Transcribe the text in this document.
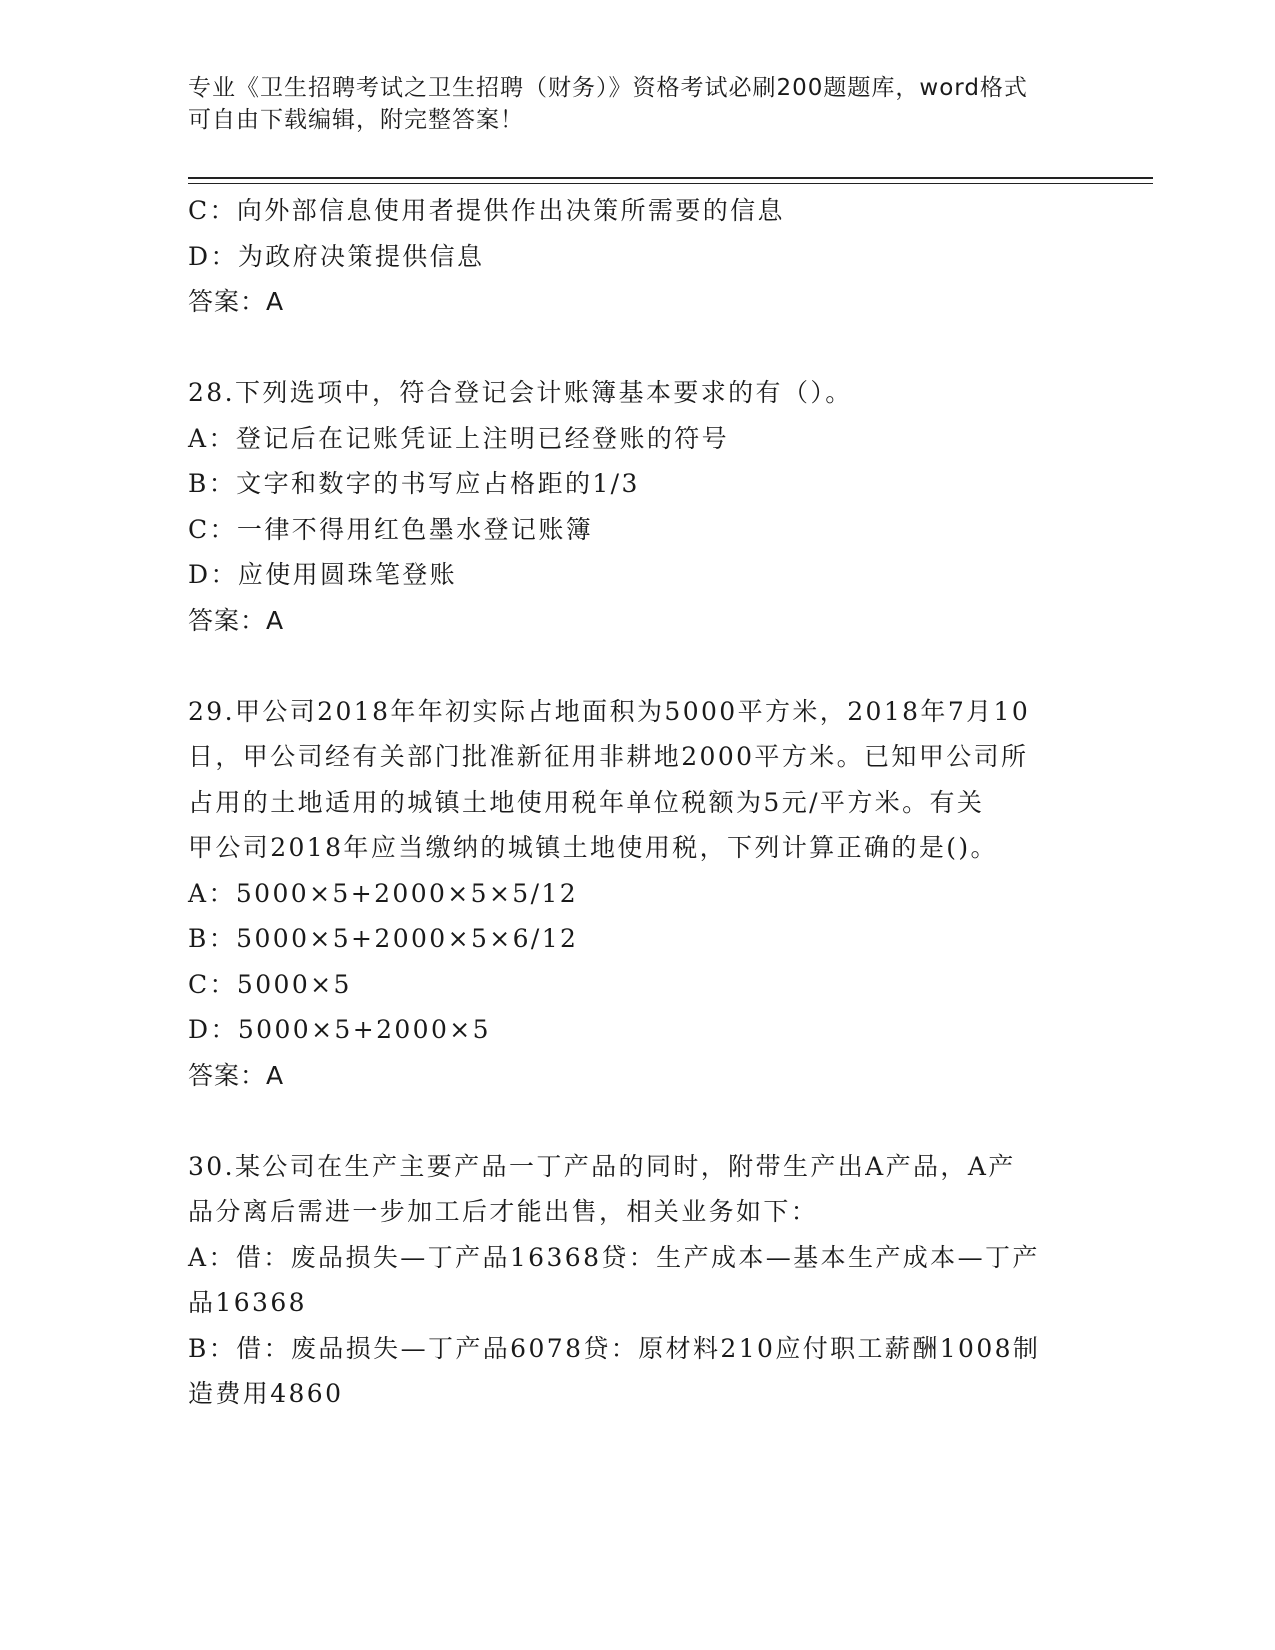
专业《卫生招聘考试之卫生招聘（财务）》资格考试必刷200题题库，word格式
可自由下载编辑，附完整答案！
C：向外部信息使用者提供作出决策所需要的信息
D：为政府决策提供信息
答案：A
28.下列选项中，符合登记会计账簿基本要求的有（）。
A：登记后在记账凭证上注明已经登账的符号
B：文字和数字的书写应占格距的1/3
C：一律不得用红色墨水登记账簿
D：应使用圆珠笔登账
答案：A
29.甲公司2018年年初实际占地面积为5000平方米，2018年7月10
日，甲公司经有关部门批准新征用非耕地2000平方米。已知甲公司所
占用的土地适用的城镇土地使用税年单位税额为5元/平方米。有关
甲公司2018年应当缴纳的城镇土地使用税，下列计算正确的是()。
A：5000×5+2000×5×5/12
B：5000×5+2000×5×6/12
C：5000×5
D：5000×5+2000×5
答案：A
30.某公司在生产主要产品一丁产品的同时，附带生产出A产品，A产
品分离后需进一步加工后才能出售，相关业务如下：
A：借：废品损失—丁产品16368贷：生产成本—基本生产成本—丁产
品16368
B：借：废品损失—丁产品6078贷：原材料210应付职工薪酬1008制
造费用4860
